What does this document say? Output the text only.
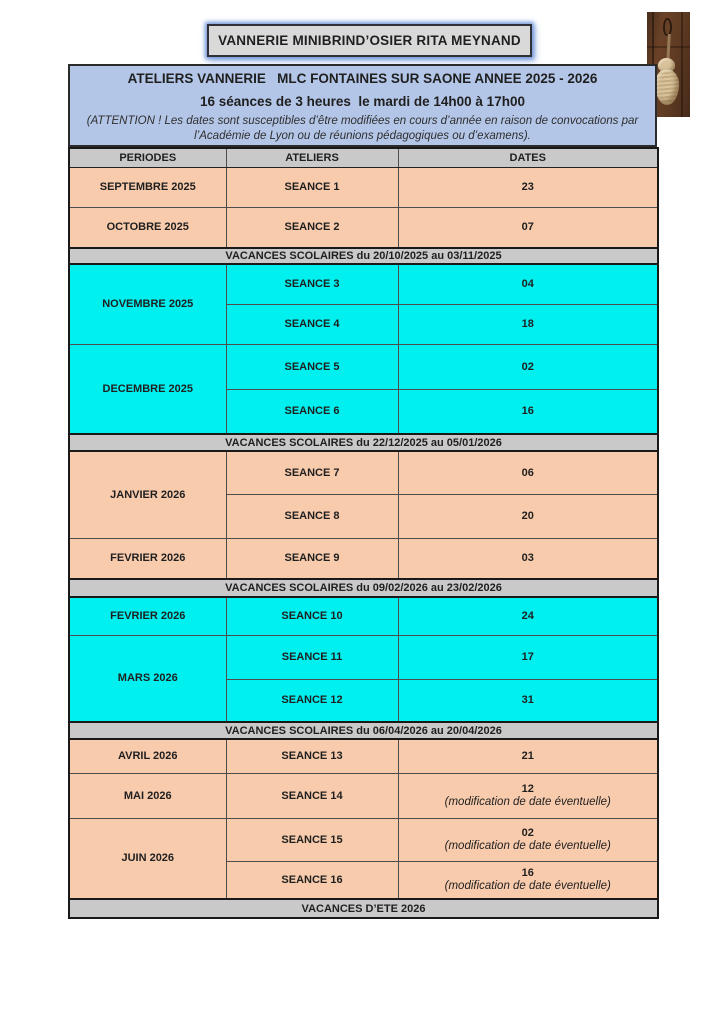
VANNERIE MINIBRIND’OSIER RITA MEYNAND
ATELIERS VANNERIE   MLC FONTAINES SUR SAONE ANNEE 2025 - 2026
16 séances de 3 heures  le mardi de 14h00 à 17h00
(ATTENTION ! Les dates sont susceptibles d’être modifiées en cours d’année en raison de convocations par l’Académie de Lyon ou de réunions pédagogiques ou d’examens).
PERIODES	ATELIERS	DATES
SEPTEMBRE 2025	SEANCE 1	23

OCTOBRE 2025	SEANCE 2	07

VACANCES SCOLAIRES du 20/10/2025 au 03/11/2025		
NOVEMBRE 2025	SEANCE 3	04

	SEANCE 4	18

DECEMBRE 2025	SEANCE 5	02

	SEANCE 6	16

VACANCES SCOLAIRES du 22/12/2025 au 05/01/2026		
JANVIER 2026	SEANCE 7	06

	SEANCE 8	20

FEVRIER 2026	SEANCE 9	03

VACANCES SCOLAIRES du 09/02/2026 au 23/02/2026		
FEVRIER 2026	SEANCE 10	24

MARS 2026	SEANCE 11	17

	SEANCE 12	31

VACANCES SCOLAIRES du 06/04/2026 au 20/04/2026		
AVRIL 2026	SEANCE 13	21

MAI 2026	SEANCE 14	12
(modification de date éventuelle)

JUIN 2026	SEANCE 15	02
(modification de date éventuelle)

	SEANCE 16	16
(modification de date éventuelle)

VACANCES D’ETE 2026		
